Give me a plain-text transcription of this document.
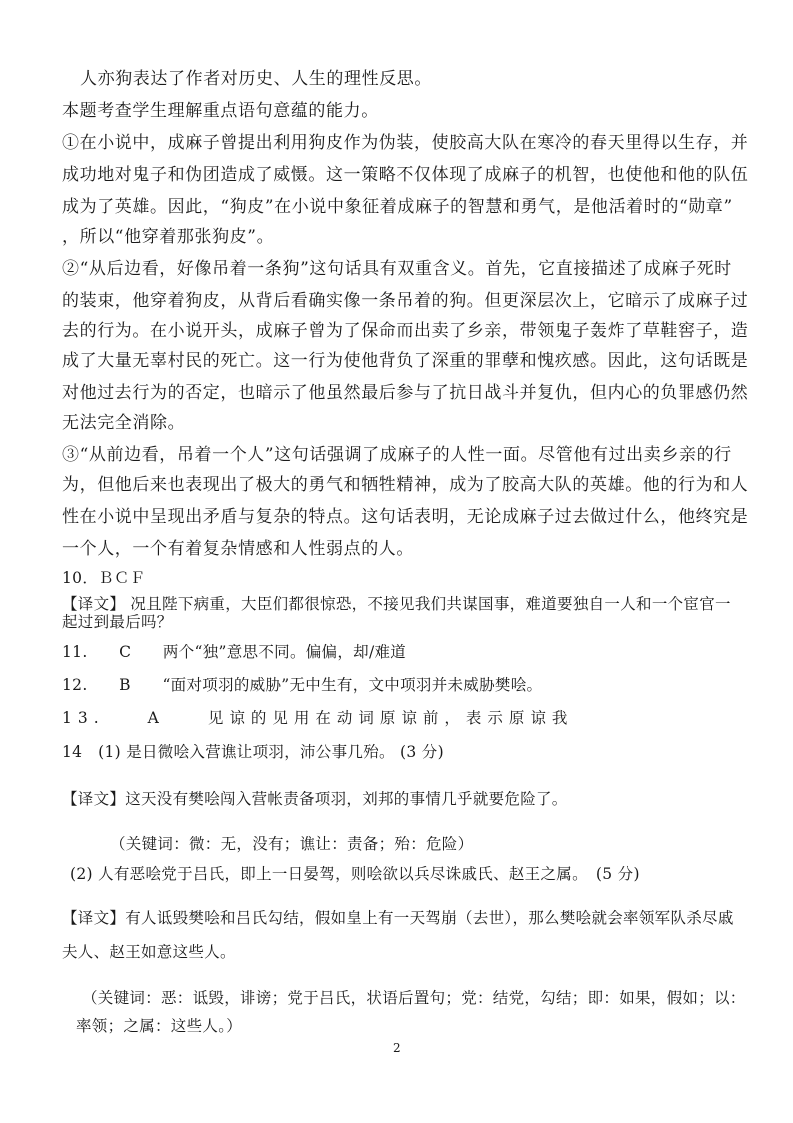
人亦狗表达了作者对历史、人生的理性反思。

本题考查学生理解重点语句意蕴的能力。

①在小说中，成麻子曾提出利用狗皮作为伪装，使胶高大队在寒冷的春天里得以生存，并

成功地对鬼子和伪团造成了威慑。这一策略不仅体现了成麻子的机智，也使他和他的队伍

成为了英雄。因此，“狗皮”在小说中象征着成麻子的智慧和勇气，是他活着时的“勋章”

，所以“他穿着那张狗皮”。

②“从后边看，好像吊着一条狗”这句话具有双重含义。首先，它直接描述了成麻子死时

的装束，他穿着狗皮，从背后看确实像一条吊着的狗。但更深层次上，它暗示了成麻子过

去的行为。在小说开头，成麻子曾为了保命而出卖了乡亲，带领鬼子轰炸了草鞋窖子，造

成了大量无辜村民的死亡。这一行为使他背负了深重的罪孽和愧疚感。因此，这句话既是

对他过去行为的否定，也暗示了他虽然最后参与了抗日战斗并复仇，但内心的负罪感仍然

无法完全消除。

③“从前边看，吊着一个人”这句话强调了成麻子的人性一面。尽管他有过出卖乡亲的行

为，但他后来也表现出了极大的勇气和牺牲精神，成为了胶高大队的英雄。他的行为和人

性在小说中呈现出矛盾与复杂的特点。这句话表明，无论成麻子过去做过什么，他终究是

一个人，一个有着复杂情感和人性弱点的人。

10．ＢＣＦ

【译文】 况且陛下病重，大臣们都很惊恐，不接见我们共谋国事，难道要独自一人和一个宦官一

起过到最后吗？

11.　　C　　两个“独”意思不同。偏偏，却/难道

12.　　B　　“面对项羽的威胁”无中生有，文中项羽并未威胁樊哙。

13.　　A　　见谅的见用在动词原谅前，表示原谅我

14　(1) 是日微哙入营谯让项羽，沛公事几殆。 (3 分)

【译文】这天没有樊哙闯入营帐责备项羽，刘邦的事情几乎就要危险了。

（关键词：微：无，没有；谯让：责备；殆：危险）

(2) 人有恶哙党于吕氏，即上一日晏驾，则哙欲以兵尽诛戚氏、赵王之属。　(5 分)

【译文】有人诋毁樊哙和吕氏勾结，假如皇上有一天驾崩（去世），那么樊哙就会率领军队杀尽戚

夫人、赵王如意这些人。

（关键词：恶：诋毁，诽谤；党于吕氏，状语后置句；党：结党，勾结；即：如果，假如；以：

率领；之属：这些人。）

2
